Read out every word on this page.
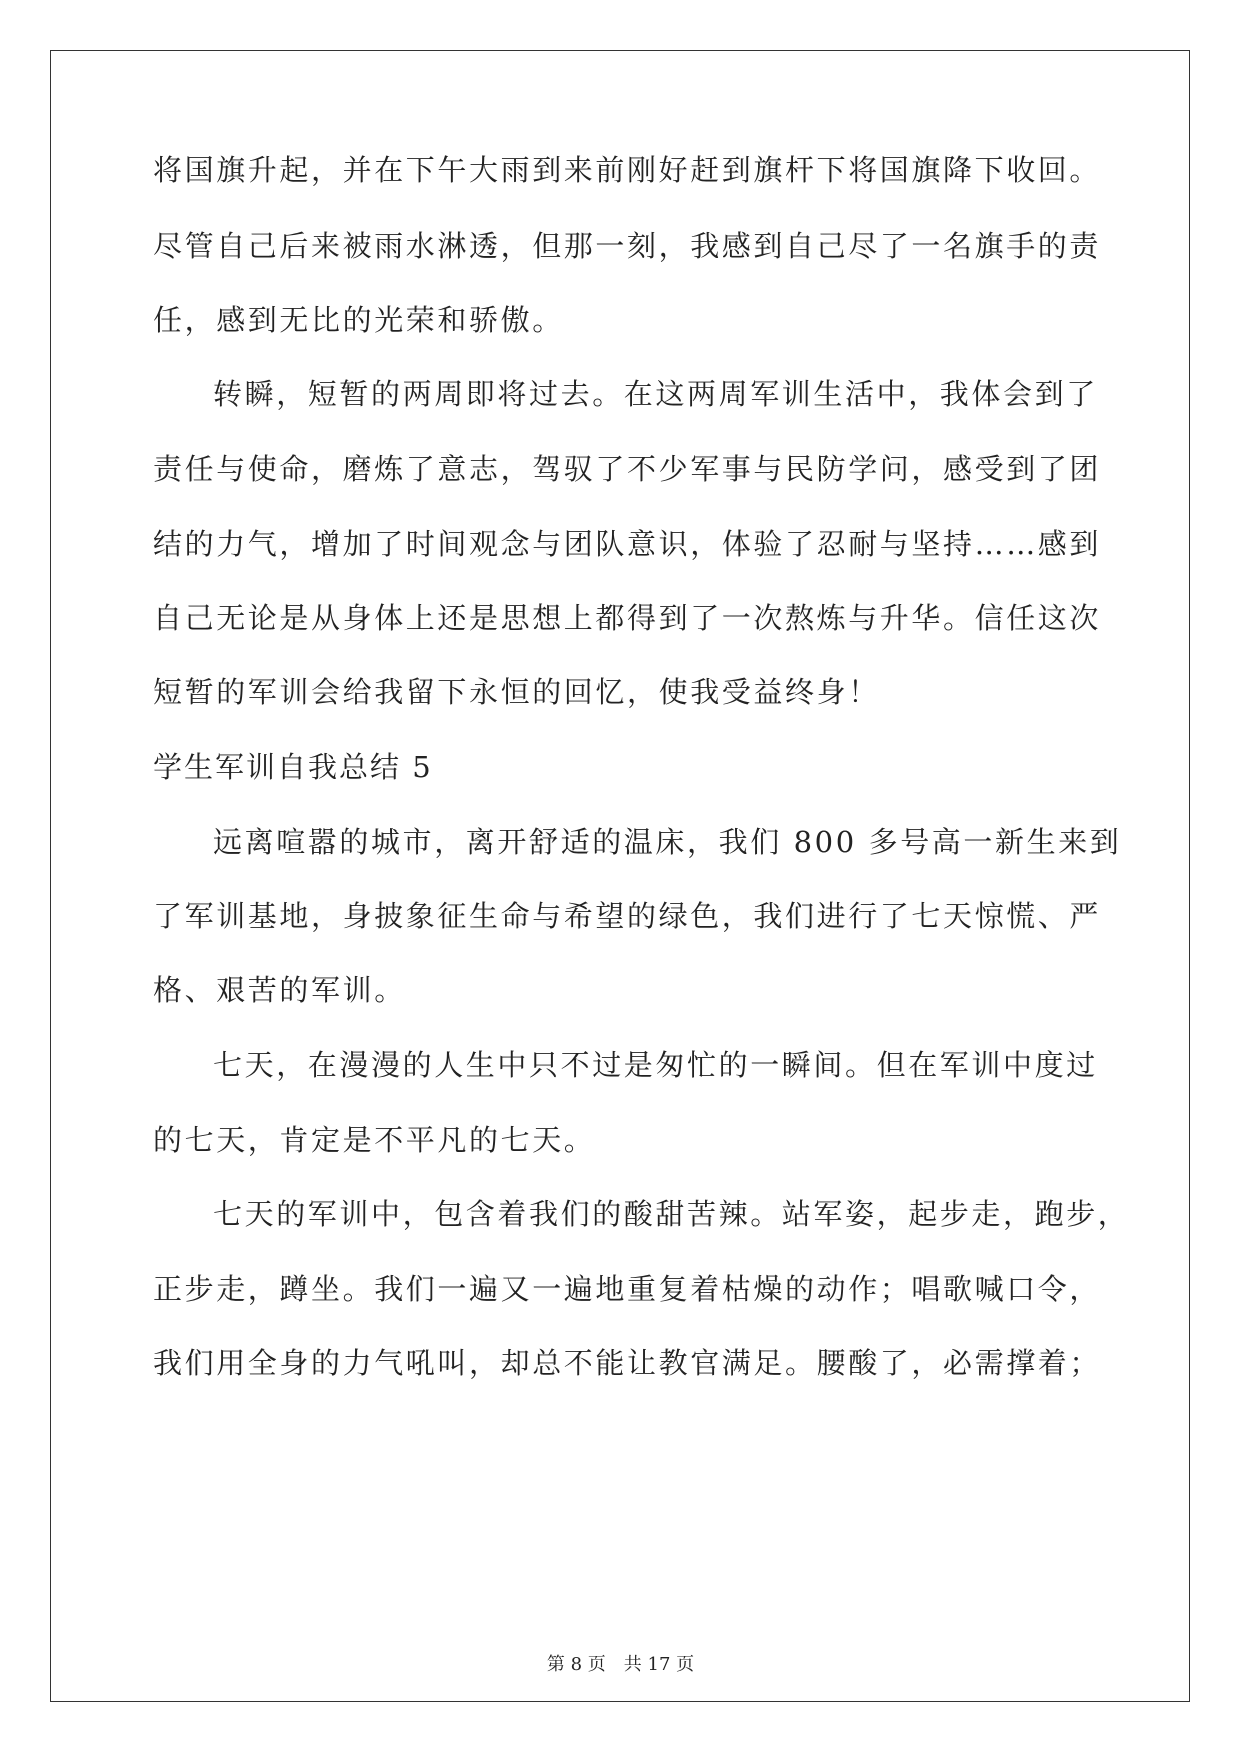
将国旗升起，并在下午大雨到来前刚好赶到旗杆下将国旗降下收回。

尽管自己后来被雨水淋透，但那一刻，我感到自己尽了一名旗手的责

任，感到无比的光荣和骄傲。

转瞬，短暂的两周即将过去。在这两周军训生活中，我体会到了

责任与使命，磨炼了意志，驾驭了不少军事与民防学问，感受到了团

结的力气，增加了时间观念与团队意识，体验了忍耐与坚持……感到

自己无论是从身体上还是思想上都得到了一次熬炼与升华。信任这次

短暂的军训会给我留下永恒的回忆，使我受益终身！

学生军训自我总结 5

远离喧嚣的城市，离开舒适的温床，我们 800 多号高一新生来到

了军训基地，身披象征生命与希望的绿色，我们进行了七天惊慌、严

格、艰苦的军训。

七天，在漫漫的人生中只不过是匆忙的一瞬间。但在军训中度过

的七天，肯定是不平凡的七天。

七天的军训中，包含着我们的酸甜苦辣。站军姿，起步走，跑步，

正步走，蹲坐。我们一遍又一遍地重复着枯燥的动作；唱歌喊口令，

我们用全身的力气吼叫，却总不能让教官满足。腰酸了，必需撑着；

第 8 页 共 17 页
